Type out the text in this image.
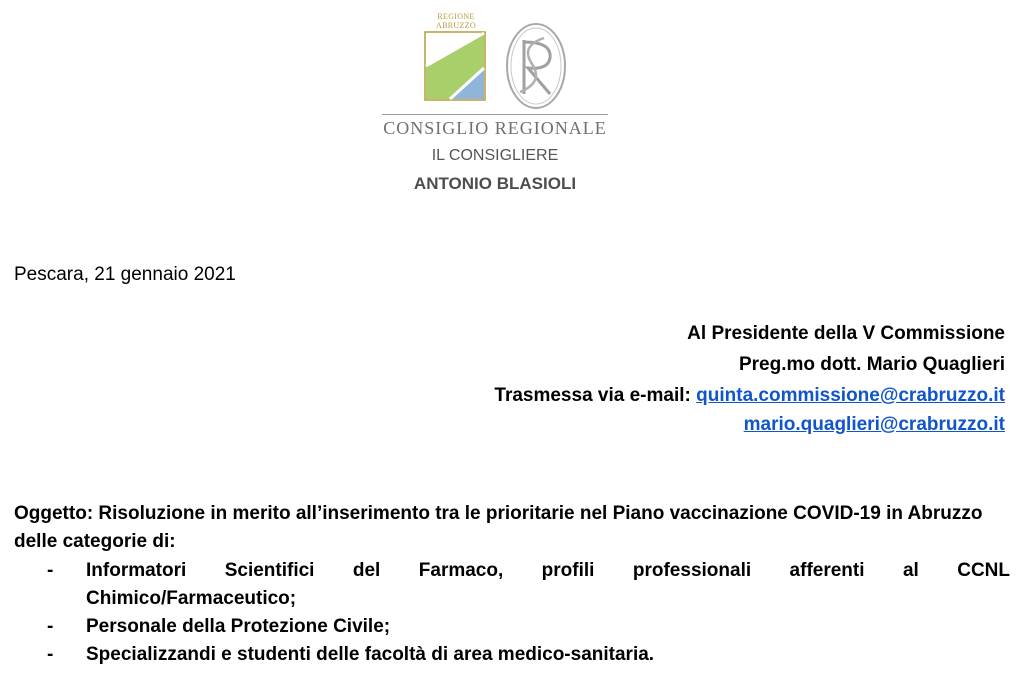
REGIONE
ABRUZZO
CONSIGLIO REGIONALE
IL CONSIGLIERE
ANTONIO BLASIOLI
Pescara, 21 gennaio 2021
Al Presidente della V Commissione
Preg.mo dott. Mario Quaglieri
Trasmessa via e-mail: quinta.commissione@crabruzzo.it
mario.quaglieri@crabruzzo.it
Oggetto: Risoluzione in merito all’inserimento tra le prioritarie nel Piano vaccinazione COVID-19 in Abruzzo delle categorie di:
- Informatori Scientifici del Farmaco, profili professionali afferenti al CCNL
Chimico/Farmaceutico;
- Personale della Protezione Civile;
- Specializzandi e studenti delle facoltà di area medico-sanitaria.
